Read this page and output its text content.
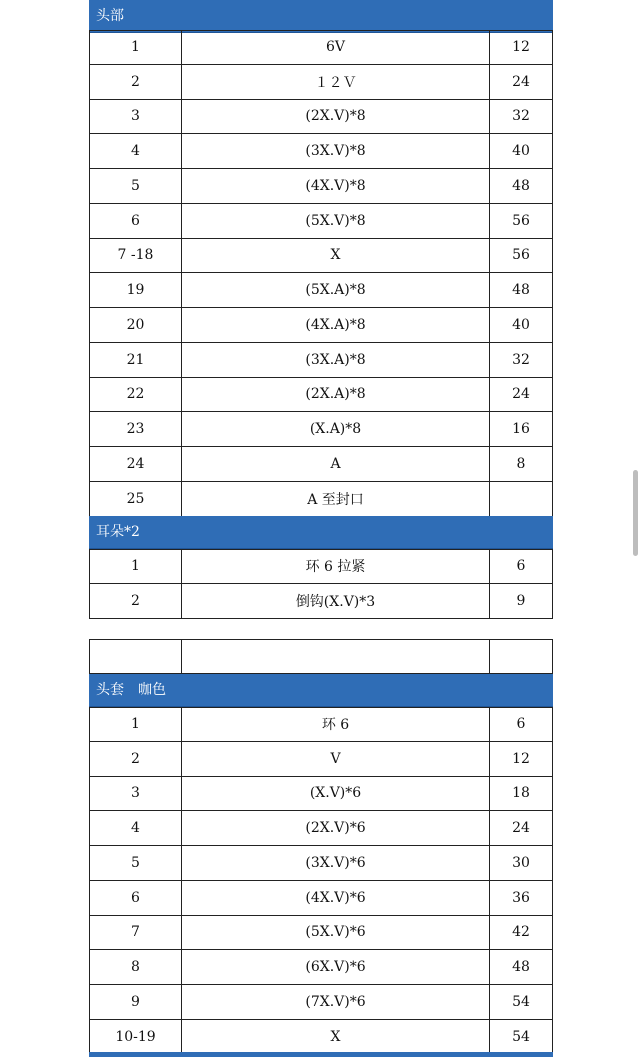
头部
1	6V	12
2	１２Ｖ	24
3	(2X.V)*8	32
4	(3X.V)*8	40
5	(4X.V)*8	48
6	(5X.V)*8	56
7 -18	X	56
19	(5X.A)*8	48
20	(4X.A)*8	40
21	(3X.A)*8	32
22	(2X.A)*8	24
23	(X.A)*8	16
24	A	8
25	A 至封口
耳朵*2
1	环 6 拉紧	6
2	倒钩(X.V)*3	9
头套　咖色
1	环 6	6
2	V	12
3	(X.V)*6	18
4	(2X.V)*6	24
5	(3X.V)*6	30
6	(4X.V)*6	36
7	(5X.V)*6	42
8	(6X.V)*6	48
9	(7X.V)*6	54
10-19	X	54
